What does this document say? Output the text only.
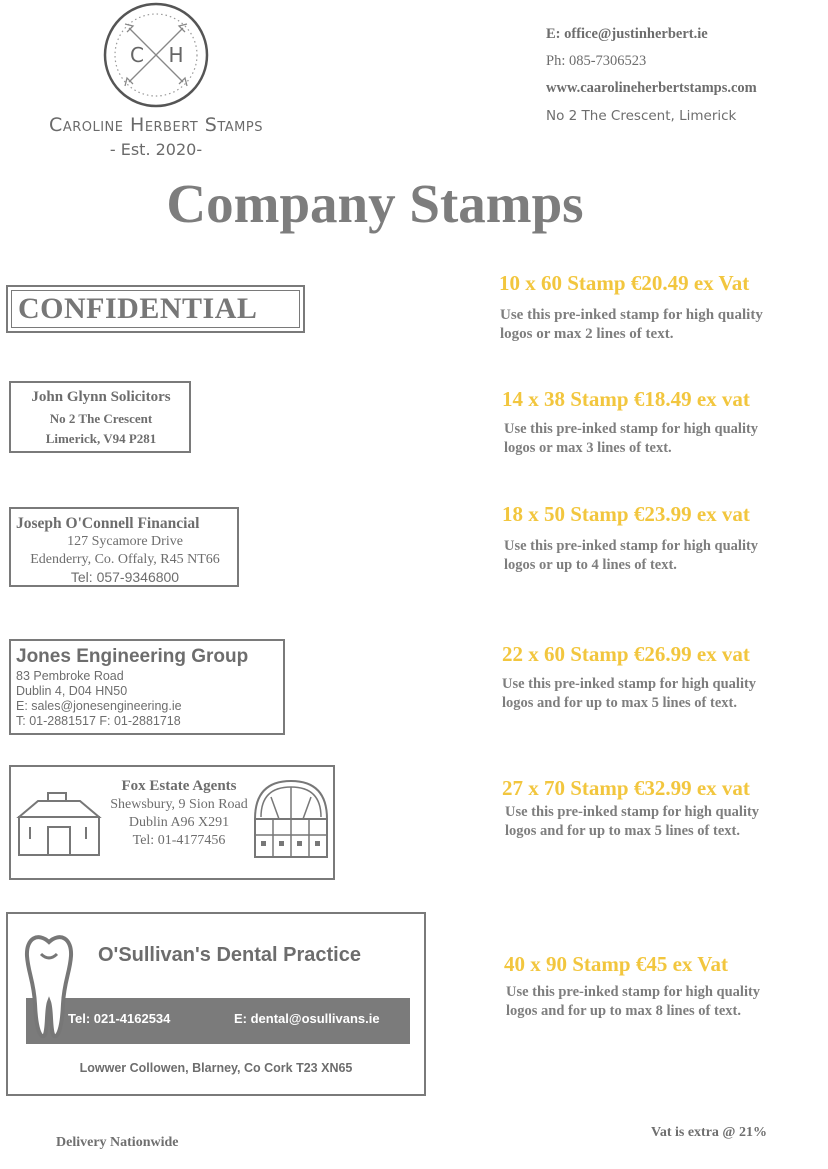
C H
Caroline Herbert Stamps
- Est. 2020-
E: office@justinherbert.ie
Ph: 085-7306523
www.caarolineherbertstamps.com
No 2 The Crescent, Limerick
Company Stamps
CONFIDENTIAL
10 x 60 Stamp €20.49 ex Vat
Use this pre-inked stamp for high quality
logos or max 2 lines of text.
John Glynn Solicitors
No 2 The Crescent
Limerick, V94 P281
14 x 38 Stamp €18.49 ex vat
Use this pre-inked stamp for high quality
logos or max 3 lines of text.
Joseph O'Connell Financial
127 Sycamore Drive
Edenderry, Co. Offaly, R45 NT66
Tel: 057-9346800
18 x 50 Stamp €23.99 ex vat
Use this pre-inked stamp for high quality
logos or up to 4 lines of text.
Jones Engineering Group
83 Pembroke Road
Dublin 4, D04 HN50
E: sales@jonesengineering.ie
T: 01-2881517 F: 01-2881718
22 x 60 Stamp €26.99 ex vat
Use this pre-inked stamp for high quality
logos and for up to max 5 lines of text.
Fox Estate Agents
Shewsbury, 9 Sion Road
Dublin A96 X291
Tel: 01-4177456
27 x 70 Stamp €32.99 ex vat
Use this pre-inked stamp for high quality
logos and for up to max 5 lines of text.
O'Sullivan's Dental Practice
Tel: 021-4162534	E: dental@osullivans.ie
Lowwer Collowen, Blarney, Co Cork T23 XN65
40 x 90 Stamp €45 ex Vat
Use this pre-inked stamp for high quality
logos and for up to max 8 lines of text.
Delivery Nationwide
Vat is extra @ 21%
